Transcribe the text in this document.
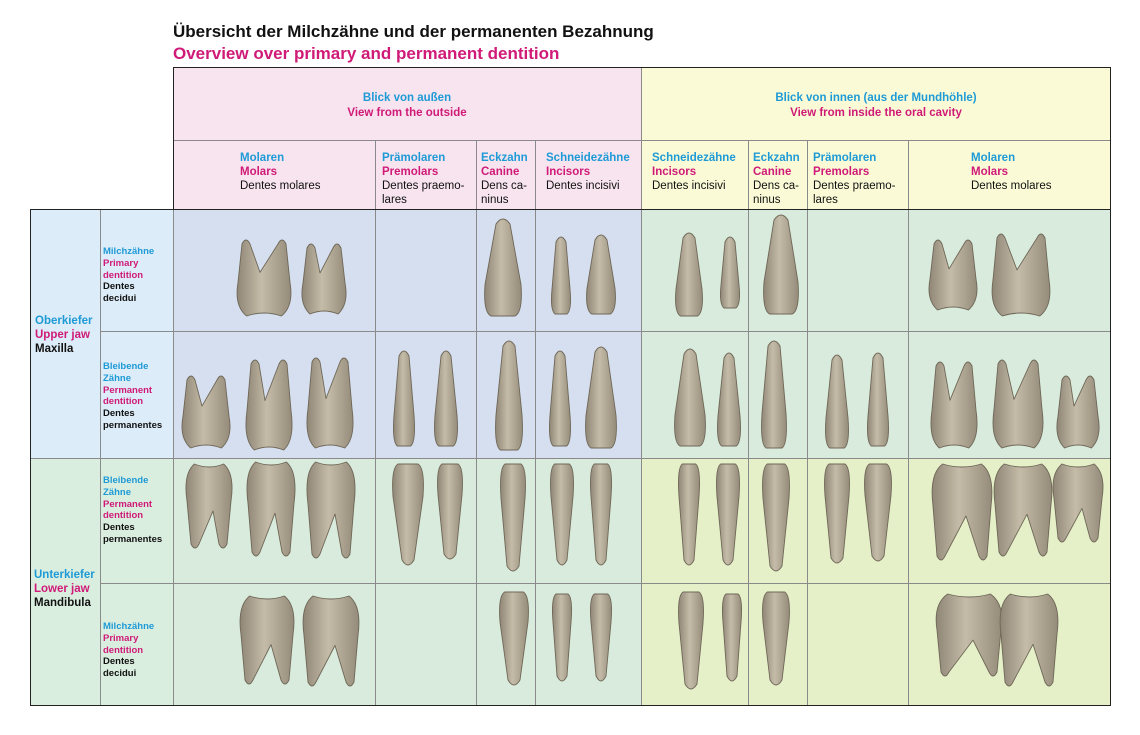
Übersicht der Milchzähne und der permanenten Bezahnung
Overview over primary and permanent dentition
Blick von außen
View from the outside
Blick von innen (aus der Mundhöhle)
View from inside the oral cavity
Molaren
Molars
Dentes molares
Prämolaren
Premolars
Dentes praemo-
lares
Eckzahn
Canine
Dens ca-
ninus
Schneidezähne
Incisors
Dentes incisivi
Schneidezähne
Incisors
Dentes incisivi
Eckzahn
Canine
Dens ca-
ninus
Prämolaren
Premolars
Dentes praemo-
lares
Molaren
Molars
Dentes molares
Oberkiefer
Upper jaw
Maxilla
Unterkiefer
Lower jaw
Mandibula
Milchzähne
Primary
dentition
Dentes
decidui
Bleibende
Zähne
Permanent
dentition
Dentes
permanentes
Bleibende
Zähne
Permanent
dentition
Dentes
permanentes
Milchzähne
Primary
dentition
Dentes
decidui
